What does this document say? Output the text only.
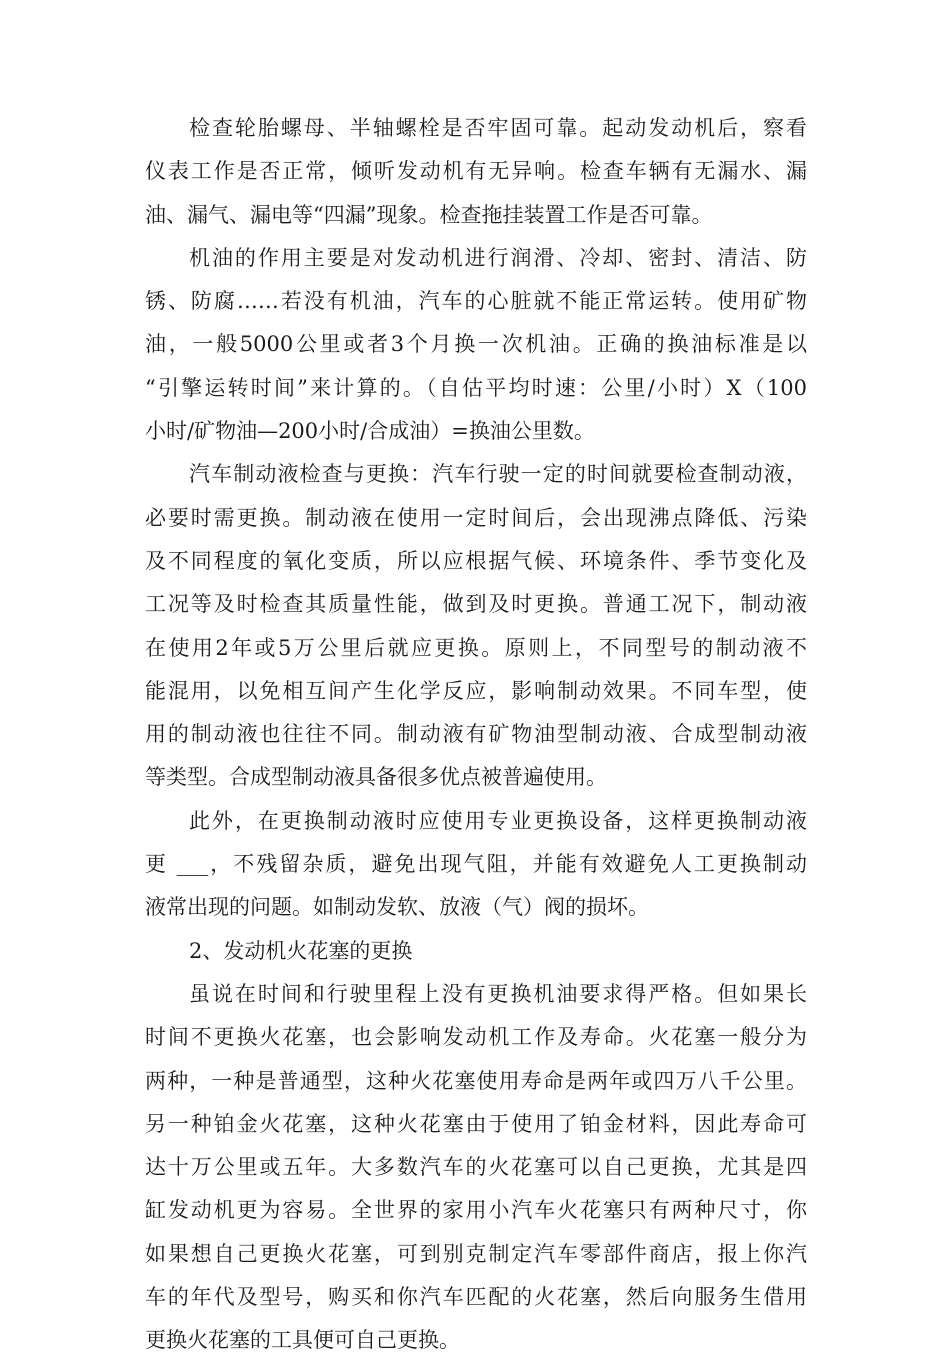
检查轮胎螺母、半轴螺栓是否牢固可靠。起动发动机后，察看

仪表工作是否正常，倾听发动机有无异响。检查车辆有无漏水、漏

油、漏气、漏电等“四漏”现象。检查拖挂装置工作是否可靠。

机油的作用主要是对发动机进行润滑、冷却、密封、清洁、防

锈、防腐……若没有机油，汽车的心脏就不能正常运转。使用矿物

油，一般5000公里或者3个月换一次机油。正确的换油标准是以

“引擎运转时间”来计算的。（自估平均时速：公里/小时）X（100

小时/矿物油—200小时/合成油）=换油公里数。

汽车制动液检查与更换：汽车行驶一定的时间就要检查制动液，

必要时需更换。制动液在使用一定时间后，会出现沸点降低、污染

及不同程度的氧化变质，所以应根据气候、环境条件、季节变化及

工况等及时检查其质量性能，做到及时更换。普通工况下，制动液

在使用2年或5万公里后就应更换。原则上，不同型号的制动液不

能混用，以免相互间产生化学反应，影响制动效果。不同车型，使

用的制动液也往往不同。制动液有矿物油型制动液、合成型制动液

等类型。合成型制动液具备很多优点被普遍使用。

此外，在更换制动液时应使用专业更换设备，这样更换制动液

更 ___，不残留杂质，避免出现气阻，并能有效避免人工更换制动

液常出现的问题。如制动发软、放液（气）阀的损坏。

2、发动机火花塞的更换

虽说在时间和行驶里程上没有更换机油要求得严格。但如果长

时间不更换火花塞，也会影响发动机工作及寿命。火花塞一般分为

两种，一种是普通型，这种火花塞使用寿命是两年或四万八千公里。

另一种铂金火花塞，这种火花塞由于使用了铂金材料，因此寿命可

达十万公里或五年。大多数汽车的火花塞可以自己更换，尤其是四

缸发动机更为容易。全世界的家用小汽车火花塞只有两种尺寸，你

如果想自己更换火花塞，可到别克制定汽车零部件商店，报上你汽

车的年代及型号，购买和你汽车匹配的火花塞，然后向服务生借用

更换火花塞的工具便可自己更换。
